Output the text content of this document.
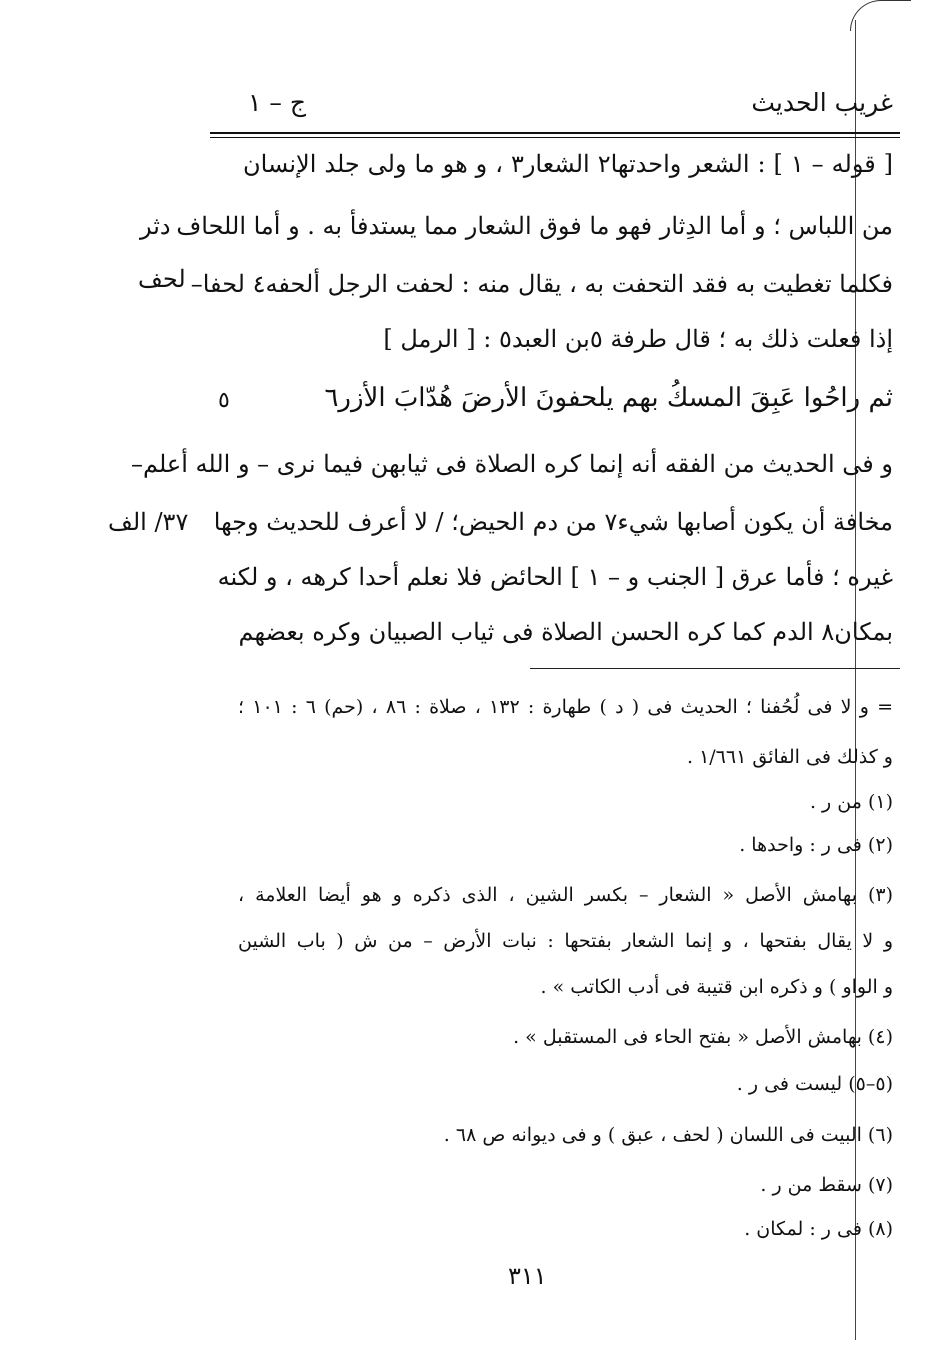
غريب الحديث
ج – ١
[ قوله – ١ ] : الشعر واحدتها٢ الشعار٣ ، و هو ما ولى جلد الإنسان
من اللباس ؛ و أما الدِثار فهو ما فوق الشعار مما يستدفأ به . و أما اللحاف
فكلما تغطيت به فقد التحفت به ، يقال منه : لحفت الرجل ألحفه٤ لحفا–
إذا فعلت ذلك به ؛ قال طرفة ٥بن العبد٥ : [ الرمل ]
ثم راحُوا عَبِقَ المسكُ بهم يلحفونَ الأرضَ هُدّابَ الأزر٦
٥
و فى الحديث من الفقه أنه إنما كره الصلاة فى ثيابهن فيما نرى – و الله أعلم–
مخافة أن يكون أصابها شيء٧ من دم الحيض؛ / لا أعرف للحديث وجها
غيره ؛ فأما عرق [ الجنب و – ١ ] الحائض فلا نعلم أحدا كرهه ، و لكنه
بمكان٨ الدم كما كره الحسن الصلاة فى ثياب الصبيان وكره بعضهم
دثر
لحف
٣٧/ الف
= و لا فى لُحُفنا ؛ الحديث فى ( د ) طهارة : ١٣٢ ، صلاة : ٨٦ ، (حم) ٦ : ١٠١ ؛
و كذلك فى الفائق ١/٦٦١ .
(١) من ر .
(٢) فى ر : واحدها .
(٣) بهامش الأصل « الشعار – بكسر الشين ، الذى ذكره و هو أيضا العلامة ،
و لا يقال بفتحها ، و إنما الشعار بفتحها : نبات الأرض – من ش ( باب الشين
و الواو ) و ذكره ابن قتيبة فى أدب الكاتب » .
(٤) بهامش الأصل « بفتح الحاء فى المستقبل » .
(٥–٥) ليست فى ر .
(٦) البيت فى اللسان ( لحف ، عبق ) و فى ديوانه ص ٦٨ .
(٧) سقط من ر .
(٨) فى ر : لمكان .
٣١١
